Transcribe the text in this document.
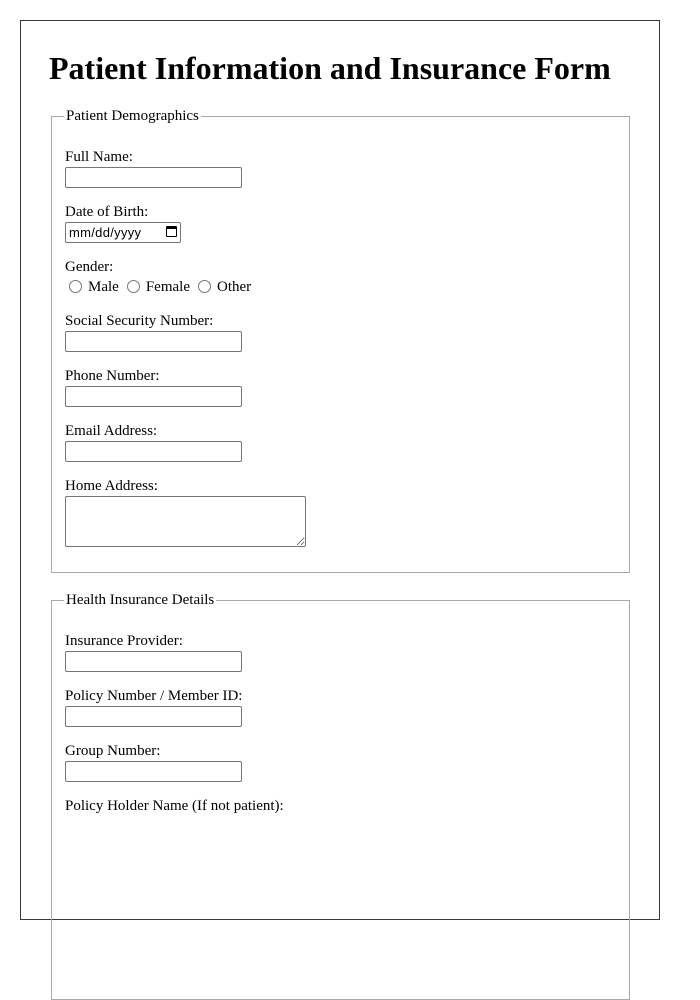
Patient Information and Insurance Form
Patient Demographics
Full Name:
Date of Birth:
mm/dd/yyyy
Gender:
Male Female Other
Social Security Number:
Phone Number:
Email Address:
Home Address:
Health Insurance Details
Insurance Provider:
Policy Number / Member ID:
Group Number:
Policy Holder Name (If not patient):
